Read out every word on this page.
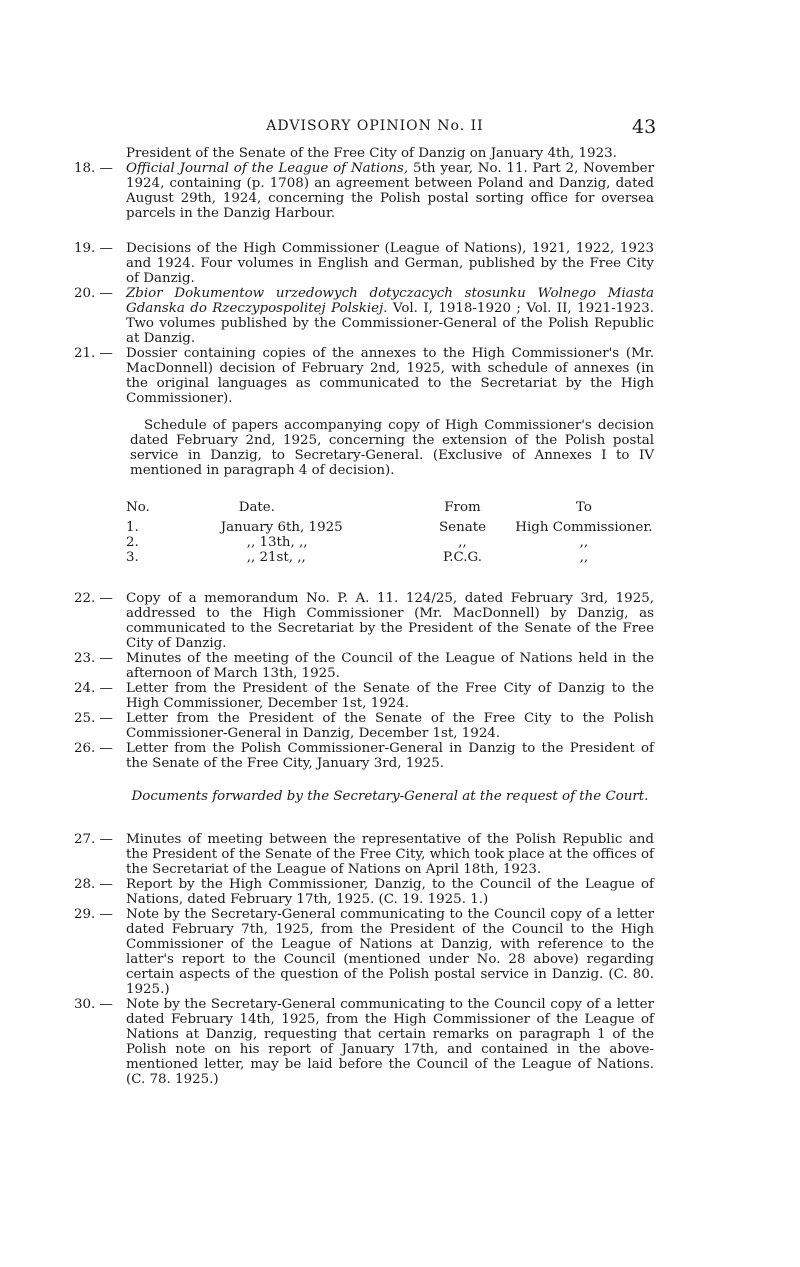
ADVISORY OPINION No. II	43
President of the Senate of the Free City of Danzig on January 4th, 1923.
18. — Official Journal of the League of Nations, 5th year, No. 11. Part 2, November 1924, containing (p. 1708) an agreement between Poland and Danzig, dated August 29th, 1924, concerning the Polish postal sorting office for oversea parcels in the Danzig Harbour.
19. — Decisions of the High Commissioner (League of Nations), 1921, 1922, 1923 and 1924. Four volumes in English and German, published by the Free City of Danzig.
20. — Zbior Dokumentow urzedowych dotyczacych stosunku Wolnego Miasta Gdanska do Rzeczypospolitej Polskiej. Vol. I, 1918-1920 ; Vol. II, 1921-1923. Two volumes published by the Commissioner-General of the Polish Republic at Danzig.
21. — Dossier containing copies of the annexes to the High Commissioner's (Mr. MacDonnell) decision of February 2nd, 1925, with schedule of annexes (in the original languages as communicated to the Secretariat by the High Commissioner).
Schedule of papers accompanying copy of High Commissioner's decision dated February 2nd, 1925, concerning the extension of the Polish postal service in Danzig, to Secretary-General. (Exclusive of Annexes I to IV mentioned in paragraph 4 of decision).
No.	Date.	From	To
1.	January 6th, 1925	Senate	High Commissioner.
2.	,, 13th, ,,	,,	,,
3.	,, 21st, ,,	P.C.G.	,,
22. — Copy of a memorandum No. P. A. 11. 124/25, dated February 3rd, 1925, addressed to the High Commissioner (Mr. MacDonnell) by Danzig, as communicated to the Secretariat by the President of the Senate of the Free City of Danzig.
23. — Minutes of the meeting of the Council of the League of Nations held in the afternoon of March 13th, 1925.
24. — Letter from the President of the Senate of the Free City of Danzig to the High Commissioner, December 1st, 1924.
25. — Letter from the President of the Senate of the Free City to the Polish Commissioner-General in Danzig, December 1st, 1924.
26. — Letter from the Polish Commissioner-General in Danzig to the President of the Senate of the Free City, January 3rd, 1925.
Documents forwarded by the Secretary-General at the request of the Court.
27. — Minutes of meeting between the representative of the Polish Republic and the President of the Senate of the Free City, which took place at the offices of the Secretariat of the League of Nations on April 18th, 1923.
28. — Report by the High Commissioner, Danzig, to the Council of the League of Nations, dated February 17th, 1925. (C. 19. 1925. 1.)
29. — Note by the Secretary-General communicating to the Council copy of a letter dated February 7th, 1925, from the President of the Council to the High Commissioner of the League of Nations at Danzig, with reference to the latter's report to the Council (mentioned under No. 28 above) regarding certain aspects of the question of the Polish postal service in Danzig. (C. 80. 1925.)
30. — Note by the Secretary-General communicating to the Council copy of a letter dated February 14th, 1925, from the High Commissioner of the League of Nations at Danzig, requesting that certain remarks on paragraph 1 of the Polish note on his report of January 17th, and contained in the above-mentioned letter, may be laid before the Council of the League of Nations. (C. 78. 1925.)
